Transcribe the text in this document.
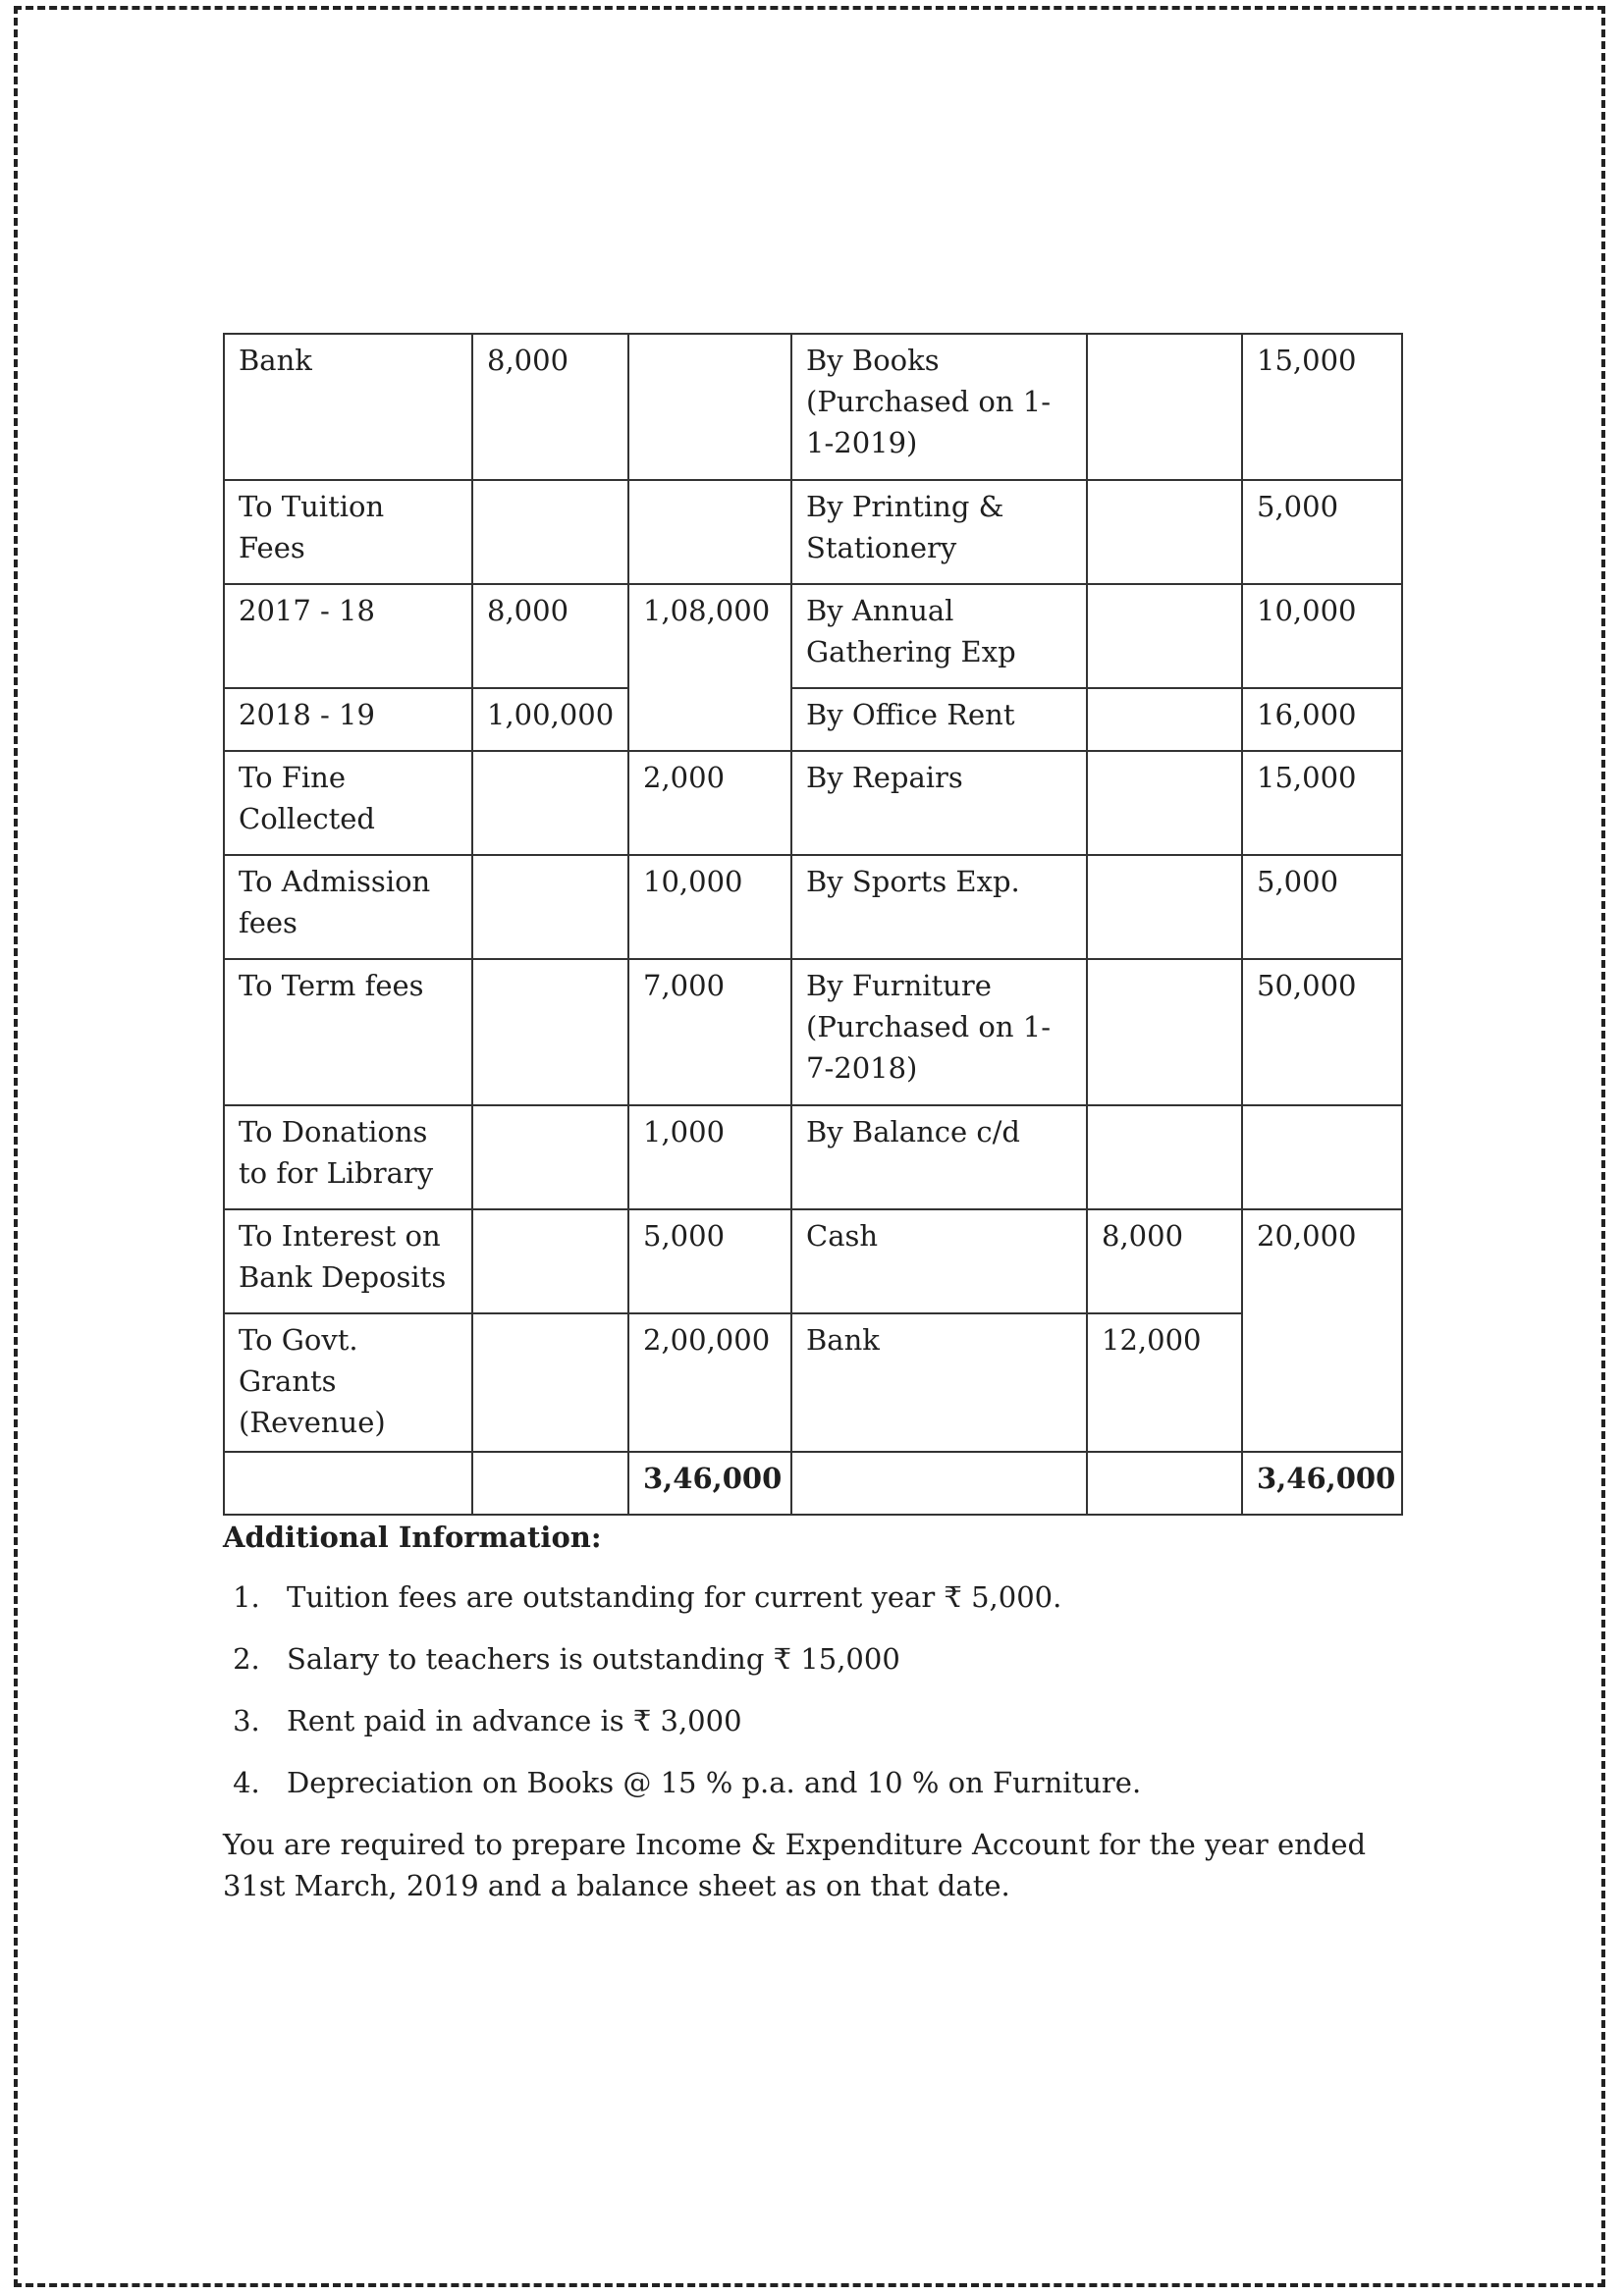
Bank	8,000		By Books (Purchased on 1-1-2019)		15,000
To Tuition Fees			By Printing & Stationery		5,000
2017 - 18	8,000	1,08,000	By Annual Gathering Exp		10,000
2018 - 19	1,00,000		By Office Rent		16,000
To Fine Collected		2,000	By Repairs		15,000
To Admission fees		10,000	By Sports Exp.		5,000
To Term fees		7,000	By Furniture (Purchased on 1-7-2018)		50,000
To Donations to for Library		1,000	By Balance c/d		
To Interest on Bank Deposits		5,000	Cash	8,000	20,000
To Govt. Grants (Revenue)		2,00,000	Bank	12,000	
		3,46,000			3,46,000

Additional Information:

1. Tuition fees are outstanding for current year ₹ 5,000.
2. Salary to teachers is outstanding ₹ 15,000
3. Rent paid in advance is ₹ 3,000
4. Depreciation on Books @ 15 % p.a. and 10 % on Furniture.

You are required to prepare Income & Expenditure Account for the year ended 31st March, 2019 and a balance sheet as on that date.
